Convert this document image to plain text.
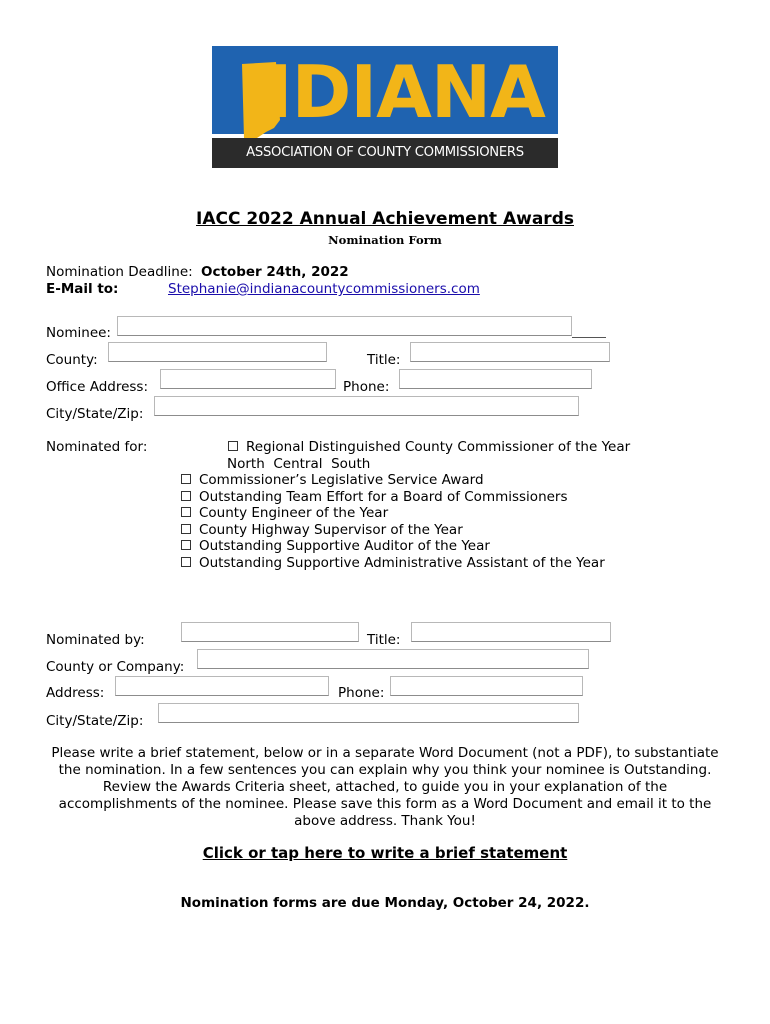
IDIANA
ASSOCIATION OF COUNTY COMMISSIONERS
IACC 2022 Annual Achievement Awards
Nomination Form
Nomination Deadline: October 24th, 2022
E-Mail to:	Stephanie@indianacountycommissioners.com
Nominee:
County:	Title:
Office Address:	Phone:
City/State/Zip:
Nominated for:	Regional Distinguished County Commissioner of the Year
North  Central  South
Commissioner’s Legislative Service Award
Outstanding Team Effort for a Board of Commissioners
County Engineer of the Year
County Highway Supervisor of the Year
Outstanding Supportive Auditor of the Year
Outstanding Supportive Administrative Assistant of the Year
Nominated by:	Title:
County or Company:
Address:	Phone:
City/State/Zip:
Please write a brief statement, below or in a separate Word Document (not a PDF), to substantiate the nomination. In a few sentences you can explain why you think your nominee is Outstanding. Review the Awards Criteria sheet, attached, to guide you in your explanation of the accomplishments of the nominee. Please save this form as a Word Document and email it to the above address. Thank You!
Click or tap here to write a brief statement
Nomination forms are due Monday, October 24, 2022.
